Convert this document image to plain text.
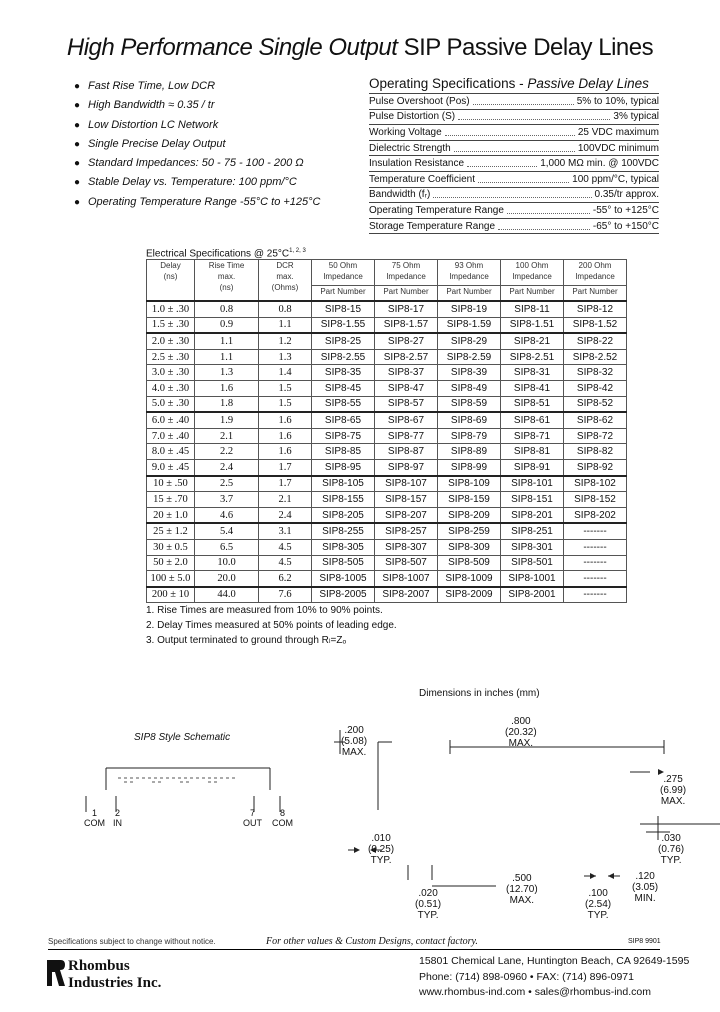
High Performance Single Output SIP Passive Delay Lines
● Fast Rise Time, Low DCR
● High Bandwidth ≈ 0.35 / tr
● Low Distortion LC Network
● Single Precise Delay Output
● Standard Impedances: 50 - 75 - 100 - 200 Ω
● Stable Delay vs. Temperature: 100 ppm/°C
● Operating Temperature Range -55°C to +125°C
Operating Specifications - Passive Delay Lines
Pulse Overshoot (Pos)	5% to 10%, typical
Pulse Distortion (S)	3% typical
Working Voltage	25 VDC maximum
Dielectric Strength	100VDC minimum
Insulation Resistance	1,000 MΩ min. @ 100VDC
Temperature Coefficient	100 ppm/°C, typical
Bandwidth (fᵣ)	0.35/tr approx.
Operating Temperature Range	-55° to +125°C
Storage Temperature Range	-65° to +150°C
Electrical Specifications @ $25^\circ C^{1, 2, 3}$
Delay
(ns)	Rise Time
max.
(ns)	DCR
max.
(Ohms)	50 Ohm
Impedance
Part Number	75 Ohm
Impedance
Part Number	93 Ohm
Impedance
Part Number	100 Ohm
Impedance
Part Number	200 Ohm
Impedance
Part Number

1.0 ± .30	0.8	0.8	SIP8-15	SIP8-17	SIP8-19	SIP8-11	SIP8-12
1.5 ± .30	0.9	1.1	SIP8-1.55	SIP8-1.57	SIP8-1.59	SIP8-1.51	SIP8-1.52
2.0 ± .30	1.1	1.2	SIP8-25	SIP8-27	SIP8-29	SIP8-21	SIP8-22
2.5 ± .30	1.1	1.3	SIP8-2.55	SIP8-2.57	SIP8-2.59	SIP8-2.51	SIP8-2.52
3.0 ± .30	1.3	1.4	SIP8-35	SIP8-37	SIP8-39	SIP8-31	SIP8-32
4.0 ± .30	1.6	1.5	SIP8-45	SIP8-47	SIP8-49	SIP8-41	SIP8-42
5.0 ± .30	1.8	1.5	SIP8-55	SIP8-57	SIP8-59	SIP8-51	SIP8-52
6.0 ± .40	1.9	1.6	SIP8-65	SIP8-67	SIP8-69	SIP8-61	SIP8-62
7.0 ± .40	2.1	1.6	SIP8-75	SIP8-77	SIP8-79	SIP8-71	SIP8-72
8.0 ± .45	2.2	1.6	SIP8-85	SIP8-87	SIP8-89	SIP8-81	SIP8-82
9.0 ± .45	2.4	1.7	SIP8-95	SIP8-97	SIP8-99	SIP8-91	SIP8-92
10 ± .50	2.5	1.7	SIP8-105	SIP8-107	SIP8-109	SIP8-101	SIP8-102
15 ± .70	3.7	2.1	SIP8-155	SIP8-157	SIP8-159	SIP8-151	SIP8-152
20 ± 1.0	4.6	2.4	SIP8-205	SIP8-207	SIP8-209	SIP8-201	SIP8-202
25 ± 1.2	5.4	3.1	SIP8-255	SIP8-257	SIP8-259	SIP8-251	-------
30 ± 0.5	6.5	4.5	SIP8-305	SIP8-307	SIP8-309	SIP8-301	-------
50 ± 2.0	10.0	4.5	SIP8-505	SIP8-507	SIP8-509	SIP8-501	-------
100 ± 5.0	20.0	6.2	SIP8-1005	SIP8-1007	SIP8-1009	SIP8-1001	-------
200 ± 10	44.0	7.6	SIP8-2005	SIP8-2007	SIP8-2009	SIP8-2001	-------
1. Rise Times are measured from 10% to 90% points.
2. Delay Times measured at 50% points of leading edge.
3. Output terminated to ground through Rₗ=Zₒ
Dimensions in inches (mm)
SIP8 Style Schematic
1
COM
2
IN
7
OUT
8
COM
.200
(5.08)
MAX.
.800
(20.32)
MAX.
.275
(6.99)
MAX.
.010
(0.25)
TYP.
.030
(0.76)
TYP.
.020
(0.51)
TYP.
.500
(12.70)
MAX.
.100
(2.54)
TYP.
.120
(3.05)
MIN.
Specifications subject to change without notice.	For other values & Custom Designs, contact factory.	SIP8 9901
Rhombus
Industries Inc.
15801 Chemical Lane, Huntington Beach, CA 92649-1595
Phone: (714) 898-0960 • FAX: (714) 896-0971
www.rhombus-ind.com • sales@rhombus-ind.com
